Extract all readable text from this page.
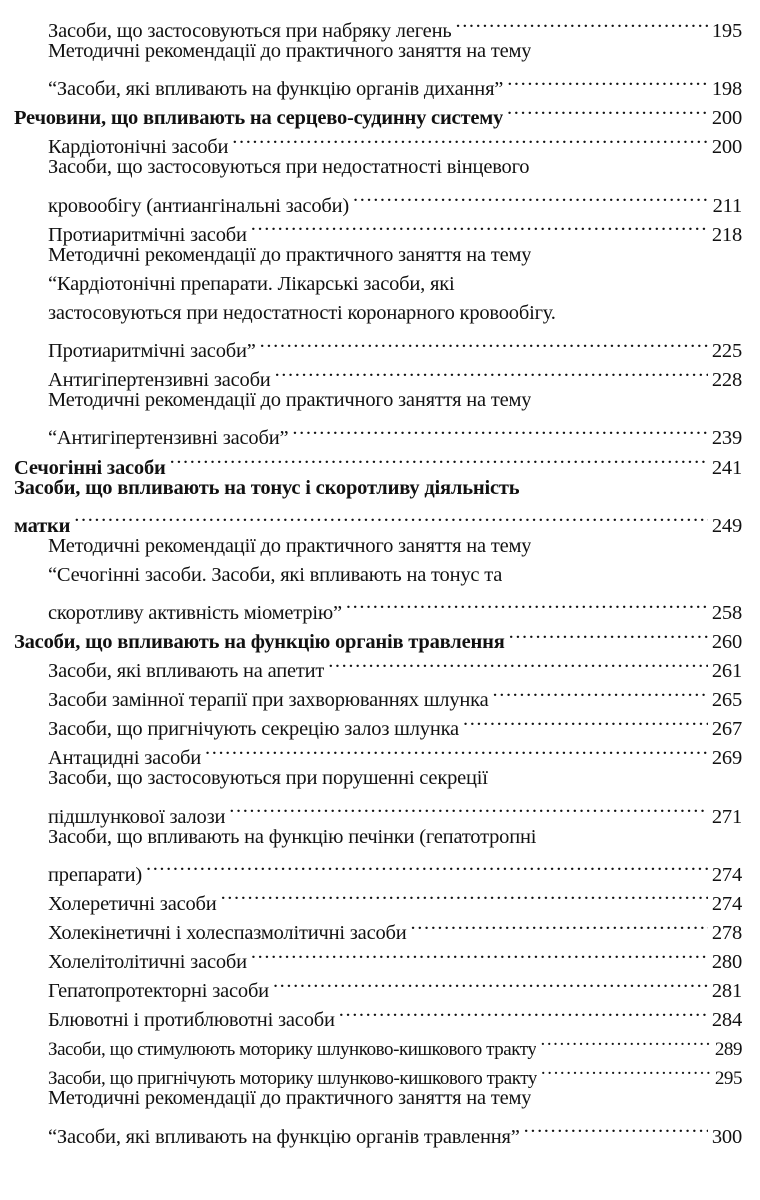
Засоби, що застосовуються при набряку легень .....	195
Методичні рекомендації до практичного заняття на тему
“Засоби, які впливають на функцію органів дихання” .....	198
Речовини, що впливають на серцево-судинну систему .....	200
Кардіотонічні засоби .....	200
Засоби, що застосовуються при недостатності вінцевого
кровообігу (антиангінальні засоби) .....	211
Протиаритмічні засоби .....	218
Методичні рекомендації до практичного заняття на тему
“Кардіотонічні препарати. Лікарські засоби, які
застосовуються при недостатності коронарного кровообігу.
Протиаритмічні засоби” .....	225
Антигіпертензивні засоби .....	228
Методичні рекомендації до практичного заняття на тему
“Антигіпертензивні засоби” .....	239
Сечогінні засоби .....	241
Засоби, що впливають на тонус і скоротливу діяльність
матки .....	249
Методичні рекомендації до практичного заняття на тему
“Сечогінні засоби. Засоби, які впливають на тонус та
скоротливу активність міометрію” .....	258
Засоби, що впливають на функцію органів травлення .....	260
Засоби, які впливають на апетит .....	261
Засоби замінної терапії при захворюваннях шлунка .....	265
Засоби, що пригнічують секрецію залоз шлунка .....	267
Антацидні засоби .....	269
Засоби, що застосовуються при порушенні секреції
підшлункової залози .....	271
Засоби, що впливають на функцію печінки (гепатотропні
препарати) .....	274
Холеретичні засоби .....	274
Холекінетичні і холеспазмолітичні засоби .....	278
Холелітолітичні засоби .....	280
Гепатопротекторні засоби .....	281
Блювотні і протиблювотні засоби .....	284
Засоби, що стимулюють моторику шлунково-кишкового тракту .....	289
Засоби, що пригнічують моторику шлунково-кишкового тракту .....	295
Методичні рекомендації до практичного заняття на тему
“Засоби, які впливають на функцію органів травлення” .....	300
